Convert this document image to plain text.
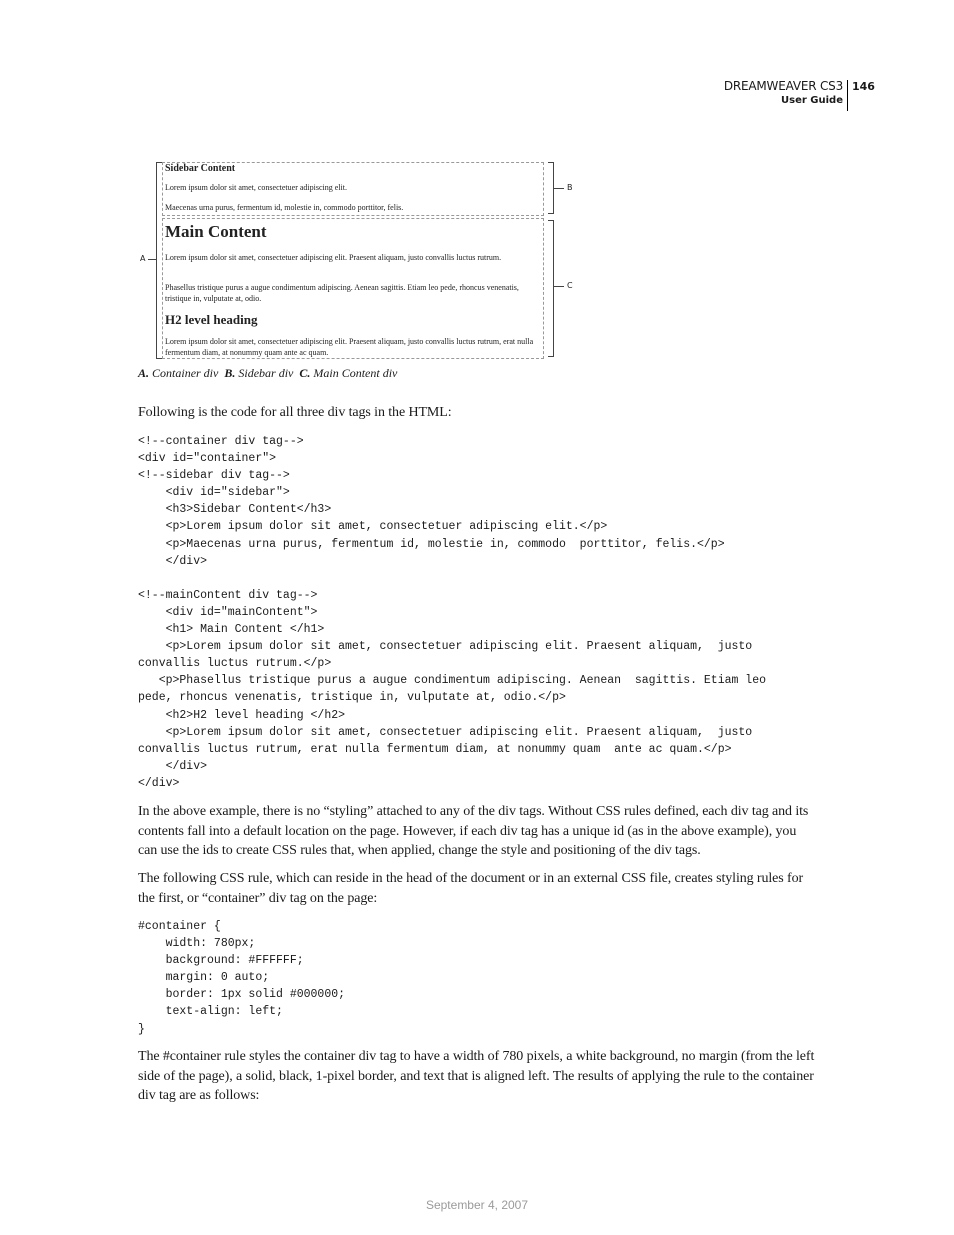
DREAMWEAVER CS3
User Guide
146
A
Sidebar Content
Lorem ipsum dolor sit amet, consectetuer adipiscing elit.
Maecenas urna purus, fermentum id, molestie in, commodo porttitor, felis.
Main Content
Lorem ipsum dolor sit amet, consectetuer adipiscing elit. Praesent aliquam, justo convallis luctus rutrum.
Phasellus tristique purus a augue condimentum adipiscing. Aenean sagittis. Etiam leo pede, rhoncus venenatis, tristique in, vulputate at, odio.
H2 level heading
Lorem ipsum dolor sit amet, consectetuer adipiscing elit. Praesent aliquam, justo convallis luctus rutrum, erat nulla fermentum diam, at nonummy quam ante ac quam.
B
C
A. Container div B. Sidebar div C. Main Content div
Following is the code for all three div tags in the HTML:
<!--container div tag-->
<div id="container">
<!--sidebar div tag-->
<div id="sidebar">
<h3>Sidebar Content</h3>
<p>Lorem ipsum dolor sit amet, consectetuer adipiscing elit.</p>
<p>Maecenas urna purus, fermentum id, molestie in, commodo  porttitor, felis.</p>
</div>

<!--mainContent div tag-->
<div id="mainContent">
<h1> Main Content </h1>
<p>Lorem ipsum dolor sit amet, consectetuer adipiscing elit. Praesent aliquam,  justo
convallis luctus rutrum.</p>
<p>Phasellus tristique purus a augue condimentum adipiscing. Aenean  sagittis. Etiam leo
pede, rhoncus venenatis, tristique in, vulputate at, odio.</p>
<h2>H2 level heading </h2>
<p>Lorem ipsum dolor sit amet, consectetuer adipiscing elit. Praesent aliquam,  justo
convallis luctus rutrum, erat nulla fermentum diam, at nonummy quam  ante ac quam.</p>
</div>
</div>
In the above example, there is no “styling” attached to any of the div tags. Without CSS rules defined, each div tag and its contents fall into a default location on the page. However, if each div tag has a unique id (as in the above example), you can use the ids to create CSS rules that, when applied, change the style and positioning of the div tags.
The following CSS rule, which can reside in the head of the document or in an external CSS file, creates styling rules for the first, or “container” div tag on the page:
#container {
width: 780px;
background: #FFFFFF;
margin: 0 auto;
border: 1px solid #000000;
text-align: left;
}
The #container rule styles the container div tag to have a width of 780 pixels, a white background, no margin (from the left side of the page), a solid, black, 1-pixel border, and text that is aligned left. The results of applying the rule to the container div tag are as follows:
September 4, 2007
